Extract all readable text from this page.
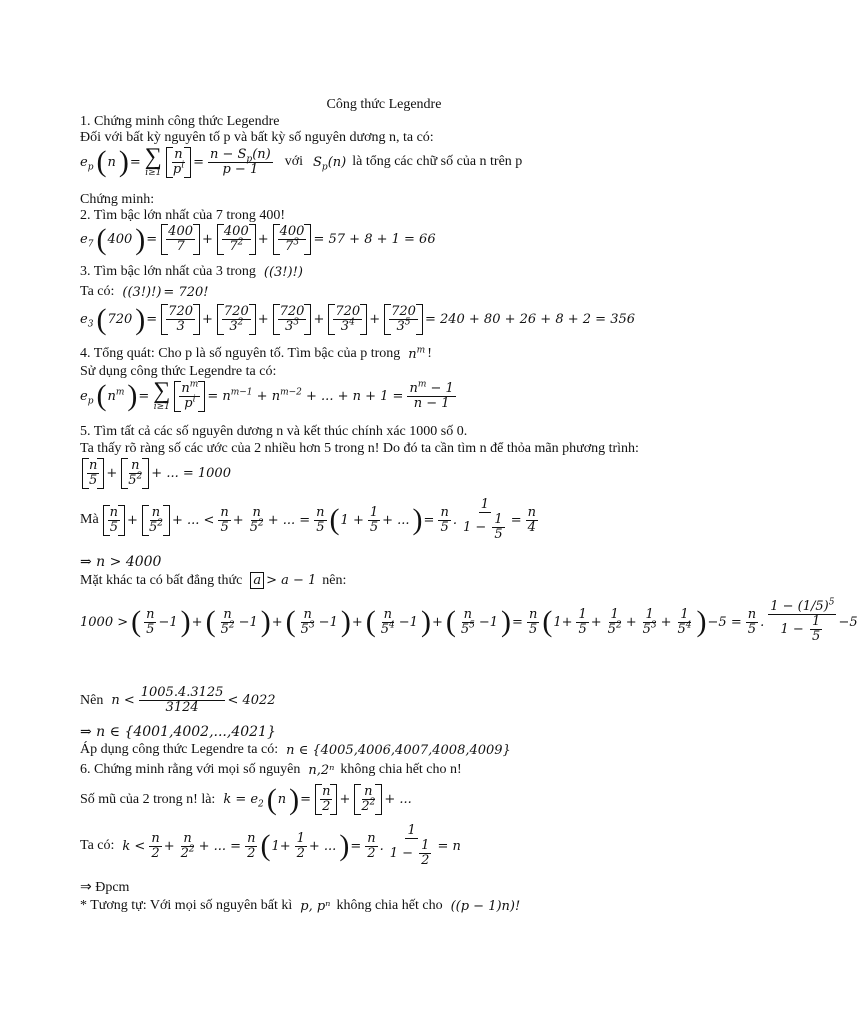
Công thức Legendre
1. Chứng minh công thức Legendre
Đối với bất kỳ nguyên tố p và bất kỳ số nguyên dương n, ta có:
$e_p$ ( n ) = ∑
$i\ge 1 \frac{n}{p^i} = \frac{n - S_p(n)}{p - 1}$ với $S_p(n)$ là tổng các chữ số của n trên p
Chứng minh:
2. Tìm bậc lớn nhất của 7 trong 400!
$e_7$ ( 400 ) = $\frac{400}{7} + \frac{400}{7^2} + \frac{400}{7^3} = 57 + 8 + 1 = 66$
3. Tìm bậc lớn nhất của 3 trong ((3!)!)
Ta có: ((3!)!) = 720!
$e_3$ ( 720 ) = $\frac{720}{3} + \frac{720}{3^2} + \frac{720}{3^3} + \frac{720}{3^4} + \frac{720}{3^5} = 240 + 80 + 26 + 8 + 2 = 356$
4. Tổng quát: Cho p là số nguyên tố. Tìm bậc của p trong $n^m$ !
Sử dụng công thức Legendre ta có:
$e_p$ ( $n^m$ ) = ∑
$i\ge 1 \frac{n^m}{p^i} = n^{m-1} + n^{m-2}$ + ... + $n + 1 = \frac{n^m - 1}{n - 1}$
5. Tìm tất cả các số nguyên dương n và kết thúc chính xác 1000 số 0.
Ta thấy rõ ràng số các ước của 2 nhiều hơn 5 trong n! Do đó ta cần tìm n để thỏa mãn phương trình:
$\frac{n}{5} + \frac{n}{5^2}$ + ... = 1000
Mà $\frac{n}{5} + \frac{n}{5^2}$ + ... < $\frac{n}{5} + \frac{n}{5^2}$ + ... = $\frac{n}{5}$ ( $1 + \frac{1}{5}$ + ... ) = $\frac{n}{5}$ . $\frac{1}{1 - \frac{1}{5}} = \frac{n}{4}$
⇒ n > 4000
Mặt khác ta có bất đẳng thức a > a − 1 nên:
1000 > ( $\frac{n}{5} -1$ ) + ( $\frac{n}{5^2} -1$ ) + ( $\frac{n}{5^3} -1$ ) + ( $\frac{n}{5^4} -1$ ) + ( $\frac{n}{5^5} -1$ ) = $\frac{n}{5}$ ( $1+ \frac{1}{5} + \frac{1}{5^2} + \frac{1}{5^3} + \frac{1}{5^4}$ ) $-5 = \frac{n}{5}$ . $\frac{1 - (1/5)^5}{1 - \frac{1}{5}} -5$
Nên $n < \frac{1005.4.3125}{3124} < 4022$
⇒ n ∈ {4001,4002,...,4021}
Áp dụng công thức Legendre ta có: n ∈ {4005,4006,4007,4008,4009}
6. Chứng minh rằng với mọi số nguyên n,2ⁿ không chia hết cho n!
Số mũ của 2 trong n! là: $k = e_2$ ( n ) = $\frac{n}{2} + \frac{n}{2^2}$ + ...
Ta có: $k < \frac{n}{2} + \frac{n}{2^2}$ + ... = $\frac{n}{2}$ ( $1+ \frac{1}{2}$ + ... ) = $\frac{n}{2}$ . $\frac{1}{1 - \frac{1}{2}} = n$
⇒ Đpcm
* Tương tự: Với mọi số nguyên bất kì p, pⁿ không chia hết cho ((p − 1)n)!
